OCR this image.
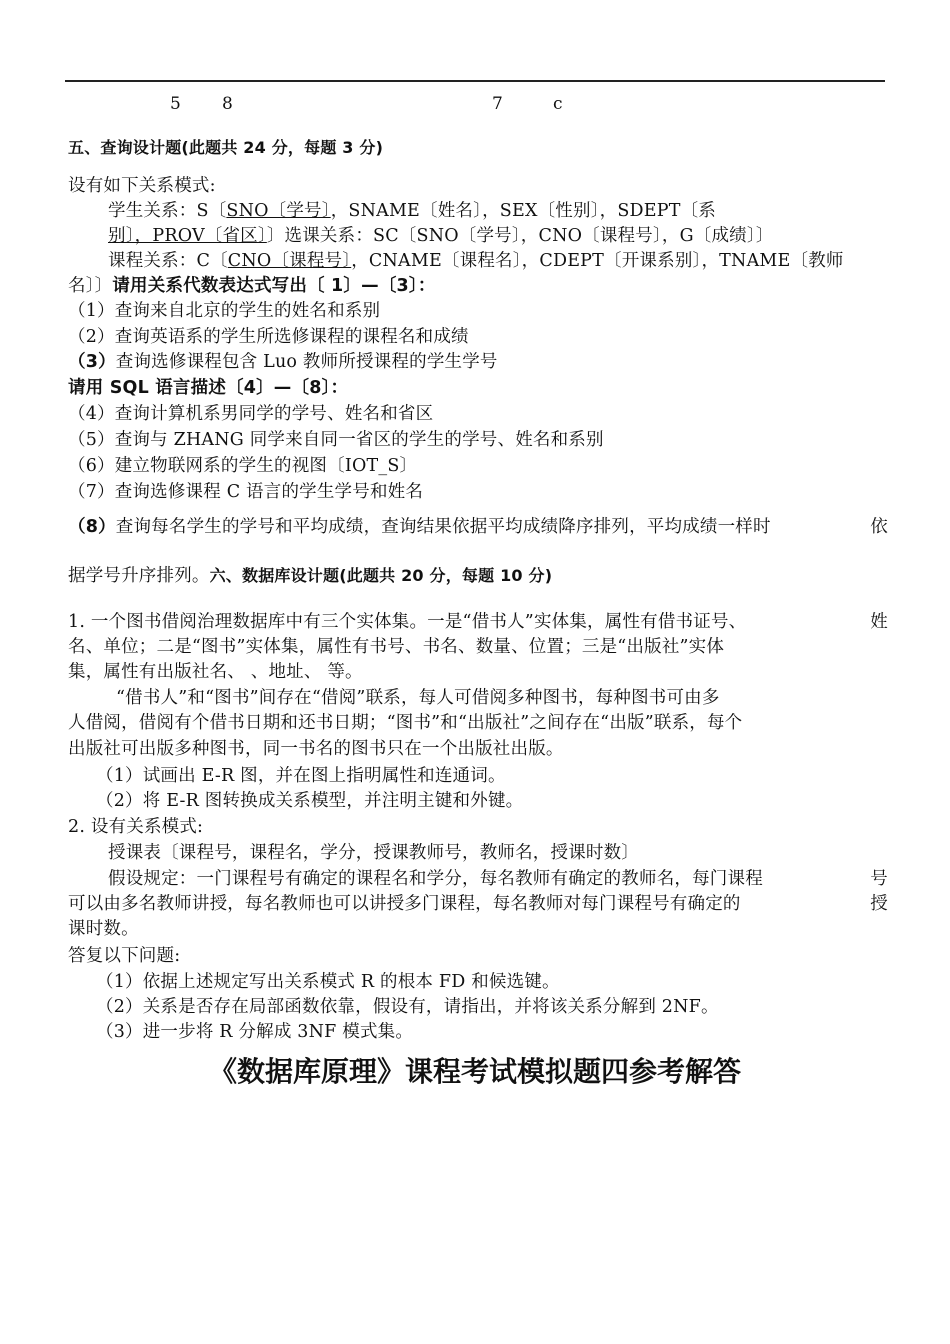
5 8	7	c
五、查询设计题(此题共 24 分，每题 3 分)
设有如下关系模式:
学生关系：S〔SNO〔学号〕，SNAME〔姓名〕，SEX〔性别〕，SDEPT〔系
别〕，PROV〔省区〕〕选课关系：SC〔SNO〔学号〕，CNO〔课程号〕，G〔成绩〕〕
课程关系：C〔CNO〔课程号〕，CNAME〔课程名〕，CDEPT〔开课系别〕，TNAME〔教师
名〕〕请用关系代数表达式写出〔 1〕—〔3〕：
（1）查询来自北京的学生的姓名和系别
（2）查询英语系的学生所选修课程的课程名和成绩
（3）查询选修课程包含 Luo 教师所授课程的学生学号
请用 SQL 语言描述〔4〕—〔8〕：
（4）查询计算机系男同学的学号、姓名和省区
（5）查询与 ZHANG 同学来自同一省区的学生的学号、姓名和系别
（6）建立物联网系的学生的视图〔IOT_S〕
（7）查询选修课程 C 语言的学生学号和姓名
（8）查询每名学生的学号和平均成绩，查询结果依据平均成绩降序排列，平均成绩一样时	依
据学号升序排列。六、数据库设计题(此题共 20 分，每题 10 分)
1. 一个图书借阅治理数据库中有三个实体集。一是“借书人”实体集，属性有借书证号、	姓
名、单位；二是“图书”实体集，属性有书号、书名、数量、位置；三是“出版社”实体
集，属性有出版社名、 、地址、 等。
“借书人”和“图书”间存在“借阅”联系，每人可借阅多种图书，每种图书可由多
人借阅，借阅有个借书日期和还书日期；“图书”和“出版社”之间存在“出版”联系，每个
出版社可出版多种图书，同一书名的图书只在一个出版社出版。
（1）试画出 E-R 图，并在图上指明属性和连通词。
（2）将 E-R 图转换成关系模型，并注明主键和外键。
2. 设有关系模式:
授课表〔课程号，课程名，学分，授课教师号，教师名，授课时数〕
假设规定：一门课程号有确定的课程名和学分，每名教师有确定的教师名，每门课程	号
可以由多名教师讲授，每名教师也可以讲授多门课程，每名教师对每门课程号有确定的	授
课时数。
答复以下问题:
（1）依据上述规定写出关系模式 R 的根本 FD 和候选键。
（2）关系是否存在局部函数依靠，假设有，请指出，并将该关系分解到 2NF。
（3）进一步将 R 分解成 3NF 模式集。
《数据库原理》课程考试模拟题四参考解答
